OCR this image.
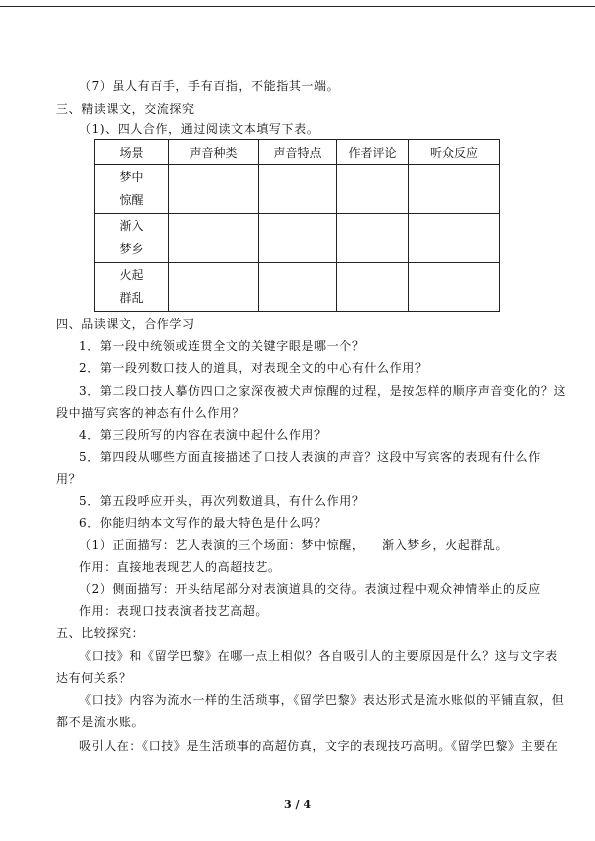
（7）虽人有百手，手有百指，不能指其一端。
三、精读课文，交流探究
（1)、四人合作，通过阅读文本填写下表。
场景	声音种类	声音特点	作者评论	听众反应

梦中
惊醒				

渐入
梦乡				

火起
群乱				

四、品读课文，合作学习
1．第一段中统领或连贯全文的关键字眼是哪一个？
2．第一段列数口技人的道具，对表现全文的中心有什么作用？
3．第二段口技人摹仿四口之家深夜被犬声惊醒的过程，是按怎样的顺序声音变化的？这
段中描写宾客的神态有什么作用？
4．第三段所写的内容在表演中起什么作用？
5．第四段从哪些方面直接描述了口技人表演的声音？这段中写宾客的表现有什么作
用？
5．第五段呼应开头，再次列数道具，有什么作用？
6．你能归纳本文写作的最大特色是什么吗？
（1）正面描写：艺人表演的三个场面：梦中惊醒，    渐入梦乡，火起群乱。
作用：直接地表现艺人的高超技艺。
（2）侧面描写：开头结尾部分对表演道具的交待。表演过程中观众神情举止的反应
作用：表现口技表演者技艺高超。
五、比较探究：
《口技》和《留学巴黎》在哪一点上相似？各自吸引人的主要原因是什么？这与文字表
达有何关系？
《口技》内容为流水一样的生活琐事，《留学巴黎》表达形式是流水账似的平铺直叙，但
都不是流水账。
吸引人在：《口技》是生活琐事的高超仿真，文字的表现技巧高明。《留学巴黎》主要在
3 / 4
